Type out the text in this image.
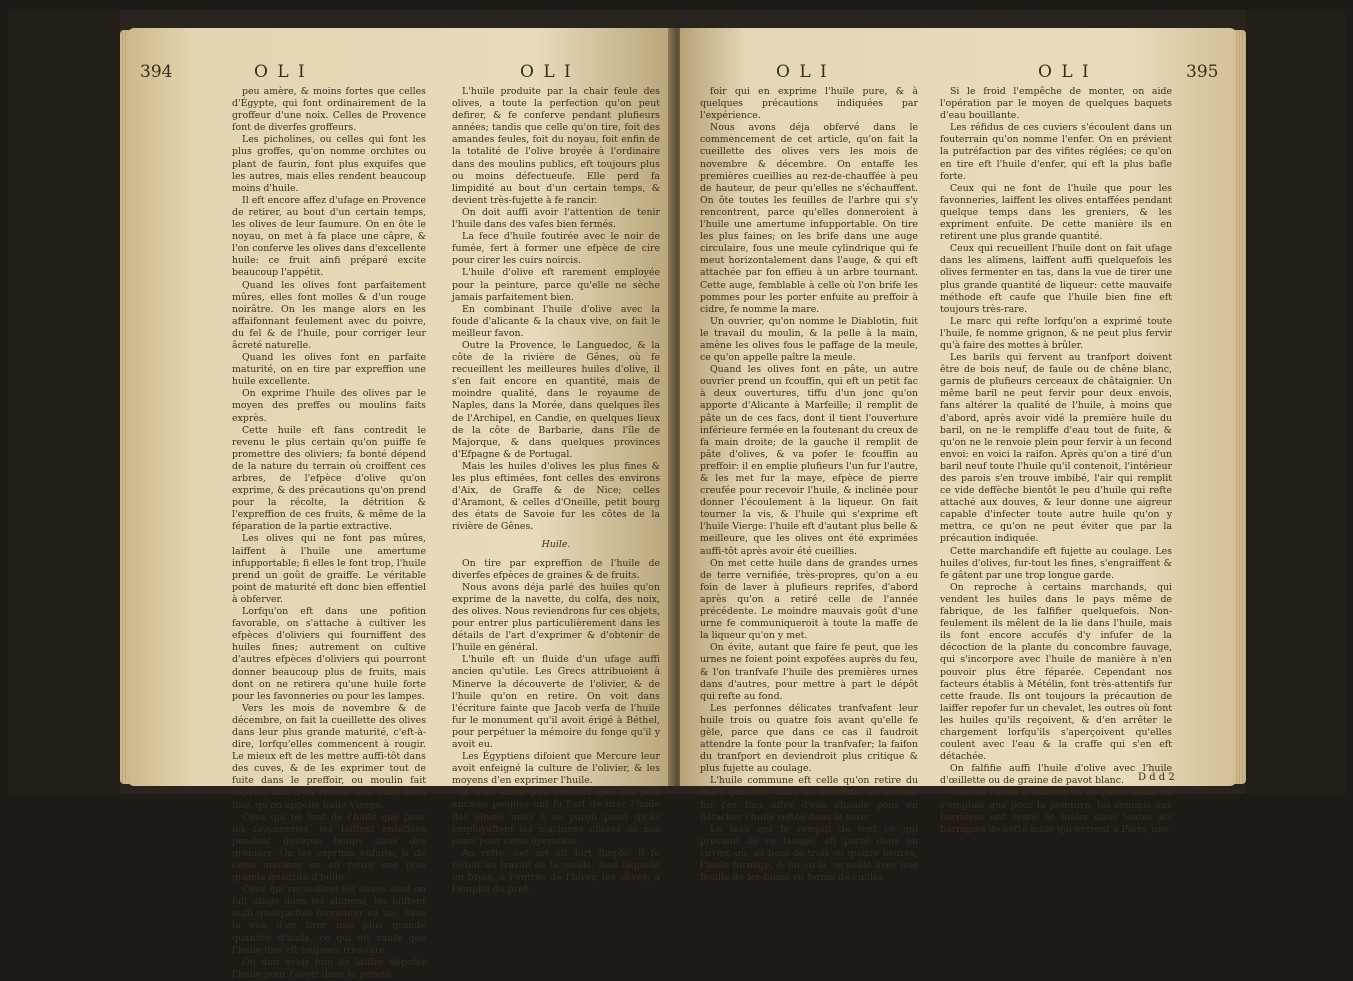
394	O L I	O L I

peu amère, & moins fortes que celles d'Égypte, qui font ordinairement de la groffeur d'une noix. Celles de Provence font de diverfes groffeurs.

Les picholines, ou celles qui font les plus groffes, qu'on nomme orchites ou plant de faurin, font plus exquifes que les autres, mais elles rendent beaucoup moins d'huile.

Il eft encore affez d'ufage en Provence de retirer, au bout d'un certain temps, les olives de leur faumure. On en ôte le noyau, on met à fa place une câpre, & l'on conferve les olives dans d'excellente huile: ce fruit ainfi préparé excite beaucoup l'appétit.

Quand les olives font parfaitement mûres, elles font molles & d'un rouge noirâtre. On les mange alors en les affaifonnant feulement avec du poivre, du fel & de l'huile, pour corriger leur âcreté naturelle.

Quand les olives font en parfaite maturité, on en tire par expreffion une huile excellente.

On exprime l'huile des olives par le moyen des preffes ou moulins faits exprès.

Cette huile eft fans contredit le revenu le plus certain qu'on puiffe fe promettre des oliviers; fa bonté dépend de la nature du terrain où croiffent ces arbres, de l'efpèce d'olive qu'on exprime, & des précautions qu'on prend pour la récolte, la détrition & l'expreffion de ces fruits, & même de la féparation de la partie extractive.

Les olives qui ne font pas mûres, laiffent à l'huile une amertume infupportable; fi elles le font trop, l'huile prend un goût de graiffe. Le véritable point de maturité eft donc bien effentiel à obferver.

Lorfqu'on eft dans une pofition favorable, on s'attache à cultiver les efpèces d'oliviers qui fourniffent des huiles fines; autrement on cultive d'autres efpèces d'oliviers qui pourront donner beaucoup plus de fruits, mais dont on ne retirera qu'une huile forte pour les favonneries ou pour les lampes.

Vers les mois de novembre & de décembre, on fait la cueillette des olives dans leur plus grande maturité, c'eft-à-dire, lorfqu'elles commencent à rougir. Le mieux eft de les mettre auffi-tôt dans des cuves, & de les exprimer tout de fuite dans le preffoir, ou moulin fait exprès, afin d'en retirer une huile bien fine, qu'on appelle huile Vierge.

Ceux qui ne font de l'huile que pour les favonneries, les laiffent entaffées pendant quelque temps dans des greniers. On les exprime enfuite, & de cette manière on en retire une plus grande quantité d'huile.

Ceux qui recueillent les olives dont on fait ufage dans les alimens, les laiffent auffi quelquefois fermenter en tas, dans la vue d'en tirer une plus grande quantité d'huile, ce qui eft caufe que l'huile fine eft toujours très-rare.

On doit avoir foin de laiffer dépofer l'huile pour l'avoir dans fa pureté.

L'huile produite par la chair feule des olives, a toute la perfection qu'on peut defirer, & fe conferve pendant plufieurs années; tandis que celle qu'on tire, foit des amandes feules, foit du noyau, foit enfin de la totalité de l'olive broyée à l'ordinaire dans des moulins publics, eft toujours plus ou moins défectueufe. Elle perd fa limpidité au bout d'un certain temps, & devient très-fujette à fe rancir.

On doit auffi avoir l'attention de tenir l'huile dans des vafes bien fermés.

La fece d'huile foutirée avec le noir de fumée, fert à former une efpèce de cire pour cirer les cuirs noircis.

L'huile d'olive eft rarement employée pour la peinture, parce qu'elle ne sèche jamais parfaitement bien.

En combinant l'huile d'olive avec la foude d'alicante & la chaux vive, on fait le meilleur favon.

Outre la Provence, le Languedoc, & la côte de la rivière de Gênes, où fe recueillent les meilleures huiles d'olive, il s'en fait encore en quantité, mais de moindre qualité, dans le royaume de Naples, dans la Morée, dans quelques îles de l'Archipel, en Candie, en quelques lieux de la côte de Barbarie, dans l'île de Majorque, & dans quelques provinces d'Efpagne & de Portugal.

Mais les huiles d'olives les plus fines & les plus eftimées, font celles des environs d'Aix, de Graffe & de Nice; celles d'Aramont, & celles d'Oneille, petit bourg des états de Savoie fur les côtes de la rivière de Gênes.

Huile.

On tire par expreffion de l'huile de diverfes efpèces de graines & de fruits.

Nous avons déja parlé des huiles qu'on exprime de la navette, du colfa, des noix, des olives. Nous reviendrons fur ces objets, pour entrer plus particulièrement dans les détails de l'art d'exprimer & d'obtenir de l'huile en général.

L'huile eft un fluide d'un ufage auffi ancien qu'utile. Les Grecs attribuoient à Minerve la découverte de l'olivier, & de l'huile qu'on en retire. On voit dans l'écriture fainte que Jacob verfa de l'huile fur le monument qu'il avoit érigé à Béthel, pour perpétuer la mémoire du fonge qu'il y avoit eu.

Les Égyptiens difoient que Mercure leur avoit enfeigné la culture de l'olivier, & les moyens d'en exprimer l'huile.

Il n'eft donc pas douteux que les plus anciens peuples ont fu l'art de tirer l'huile des olives; mais il ne paroît point qu'ils employaffent les machines ufitées de nos jours pour cette opération.

Au refte, cet art eft fort fimple. Il fe réduit au travail de la meule, fous laquelle on broie, à l'entrée de l'hiver, les olives; à l'emploi du pref-

O L I	O L I	395

foir qui en exprime l'huile pure, & à quelques précautions indiquées par l'expérience.

Nous avons déja obfervé dans le commencement de cet article, qu'on fait la cueillette des olives vers les mois de novembre & décembre. On entaffe les premières cueillies au rez-de-chauffée à peu de hauteur, de peur qu'elles ne s'échauffent. On ôte toutes les feuilles de l'arbre qui s'y rencontrent, parce qu'elles donneroient à l'huile une amertume infupportable. On tire les plus faines; on les brife dans une auge circulaire, fous une meule cylindrique qui fe meut horizontalement dans l'auge, & qui eft attachée par fon effieu à un arbre tournant. Cette auge, femblable à celle où l'on brife les pommes pour les porter enfuite au preffoir à cidre, fe nomme la mare.

Un ouvrier, qu'on nomme le Diablotin, fuit le travail du moulin, & la pelle à la main, amène les olives fous le paffage de la meule, ce qu'on appelle paître la meule.

Quand les olives font en pâte, un autre ouvrier prend un fcouffin, qui eft un petit fac à deux ouvertures, tiffu d'un jonc qu'on apporte d'Alicante à Marfeille; il remplit de pâte un de ces facs, dont il tient l'ouverture inférieure fermée en la foutenant du creux de fa main droite; de la gauche il remplit de pâte d'olives, & va pofer le fcouffin au preffoir: il en emplie plufieurs l'un fur l'autre, & les met fur la maye, efpèce de pierre creufée pour recevoir l'huile, & inclinée pour donner l'écoulement à la liqueur. On fait tourner la vis, & l'huile qui s'exprime eft l'huile Vierge: l'huile eft d'autant plus belle & meilleure, que les olives ont été exprimées auffi-tôt après avoir été cueillies.

On met cette huile dans de grandes urnes de terre vernifiée, très-propres, qu'on a eu foin de laver à plufieurs reprifes, d'abord après qu'on a retiré celle de l'année précédente. Le moindre mauvais goût d'une urne fe communiqueroit à toute la maffe de la liqueur qu'on y met.

On évite, autant que faire fe peut, que les urnes ne foient point expofées auprès du feu, & l'on tranfvafe l'huile des premières urnes dans d'autres, pour mettre à part le dépôt qui refte au fond.

Les perfonnes délicates tranfvafent leur huile trois ou quatre fois avant qu'elle fe gèle, parce que dans ce cas il faudroit attendre la fonte pour la tranfvafer; la faifon du tranfport en deviendroit plus critique & plus fujette au coulage.

L'huile commune eft celle qu'on retire du marc qui refte dans les fcouffins, en verfant fur ces facs affez d'eau chaude pour en détacher l'huile reftée dans le marc.

Le feau qui fe remplit de tout ce qui provient de ce lavage, eft porté dans un cuvier, où, au bout de trois ou quatre heures, l'huile furnage, & on en la recueille avec une feuille de fer-blanc en forme de cuiller.

Si le froid l'empêche de monter, on aide l'opération par le moyen de quelques baquets d'eau bouillante.

Les réfidus de ces cuviers s'écoulent dans un fouterrain qu'on nomme l'enfer. On en prévient la putréfaction par des vifites réglées; ce qu'on en tire eft l'huile d'enfer, qui eft la plus bafle forte.

Ceux qui ne font de l'huile que pour les favonneries, laiffent les olives entaffées pendant quelque temps dans les greniers, & les expriment enfuite. De cette manière ils en retirent une plus grande quantité.

Ceux qui recueillent l'huile dont on fait ufage dans les alimens, laiffent auffi quelquefois les olives fermenter en tas, dans la vue de tirer une plus grande quantité de liqueur: cette mauvaife méthode eft caufe que l'huile bien fine eft toujours très-rare.

Le marc qui refte lorfqu'on a exprimé toute l'huile, fe nomme grignon, & ne peut plus fervir qu'à faire des mottes à brûler.

Les barils qui fervent au tranfport doivent être de bois neuf, de faule ou de chêne blanc, garnis de plufieurs cerceaux de châtaignier. Un même baril ne peut fervir pour deux envois, fans altérer la qualité de l'huile, à moins que d'abord, après avoir vidé la première huile du baril, on ne le rempliffe d'eau tout de fuite, & qu'on ne le renvoie plein pour fervir à un fecond envoi: en voici la raifon. Après qu'on a tiré d'un baril neuf toute l'huile qu'il contenoit, l'intérieur des parois s'en trouve imbibé, l'air qui remplit ce vide deffèche bientôt le peu d'huile qui refte attaché aux douves, & leur donne une aigreur capable d'infecter toute autre huile qu'on y mettra, ce qu'on ne peut éviter que par la précaution indiquée.

Cette marchandife eft fujette au coulage. Les huiles d'olives, fur-tout les fines, s'engraiffent & fe gâtent par une trop longue garde.

On reproche à certains marchands, qui vendent les huiles dans le pays même de fabrique, de les falfifier quelquefois. Non-feulement ils mêlent de la lie dans l'huile, mais ils font encore accufés d'y infufer de la décoction de la plante du concombre fauvage, qui s'incorpore avec l'huile de manière à n'en pouvoir plus être féparée. Cependant nos facteurs établis à Métélin, font très-attentifs fur cette fraude. Ils ont toujours la précaution de laiffer repofer fur un chevalet, les outres où font les huiles qu'ils reçoivent, & d'en arrêter le chargement lorfqu'ils s'aperçoivent qu'elles coulent avec l'eau & la craffe qui s'en eft détachée.

On falfifie auffi l'huile d'olive avec l'huile d'œillette ou de graine de pavot blanc.

Comme l'huile d'œillette ou de pavot blanc ne s'emploie que pour la peinture, les commis aux barrières ont ordre de mêler dans toutes les barriques de cette huile qui entrent à Paris, une

D d d 2
